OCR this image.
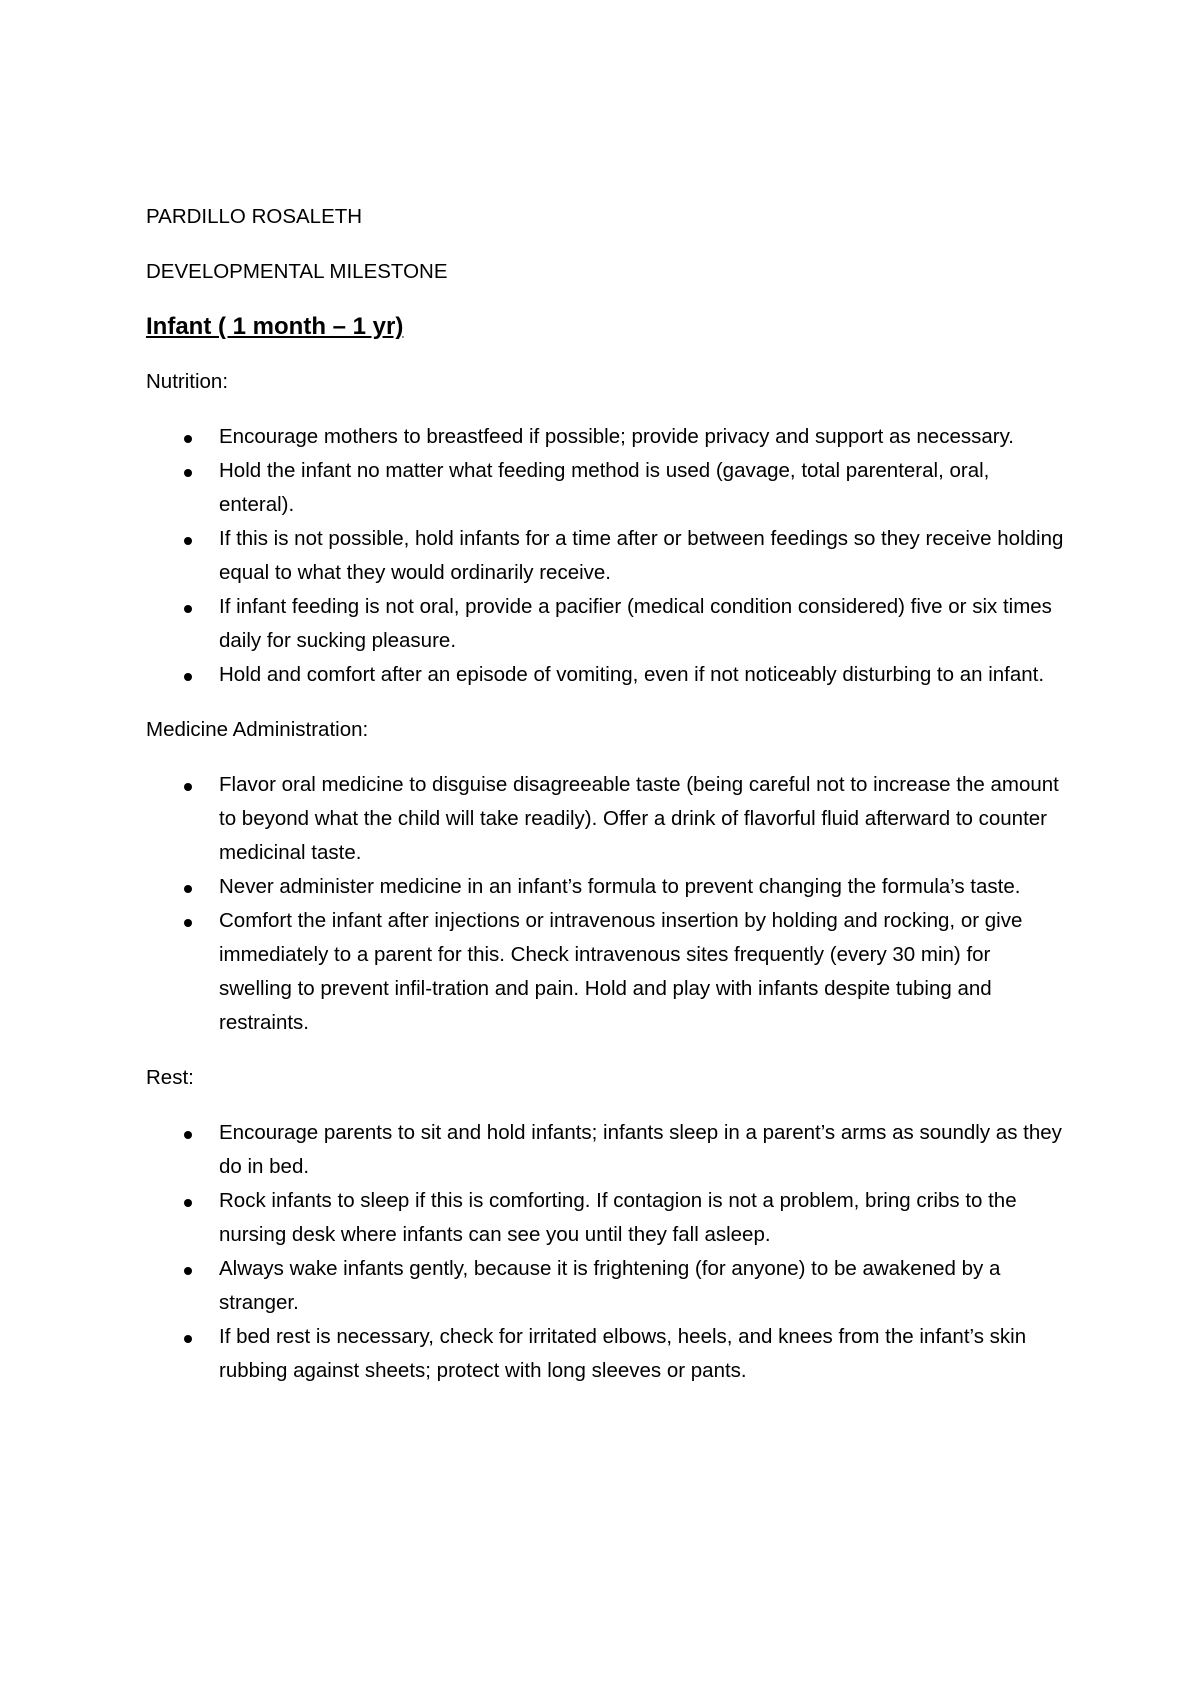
PARDILLO ROSALETH

DEVELOPMENTAL MILESTONE

Infant ( 1 month – 1 yr)

Nutrition:

Encourage mothers to breastfeed if possible; provide privacy and support as necessary.
Hold the infant no matter what feeding method is used (gavage, total parenteral, oral, enteral).
If this is not possible, hold infants for a time after or between feedings so they receive holding equal to what they would ordinarily receive.
If infant feeding is not oral, provide a pacifier (medical condition considered) five or six times daily for sucking pleasure.
Hold and comfort after an episode of vomiting, even if not noticeably disturbing to an infant.

Medicine Administration:

Flavor oral medicine to disguise disagreeable taste (being careful not to increase the amount to beyond what the child will take readily). Offer a drink of flavorful fluid afterward to counter medicinal taste.
Never administer medicine in an infant’s formula to prevent changing the formula’s taste.
Comfort the infant after injections or intravenous insertion by holding and rocking, or give immediately to a parent for this. Check intravenous sites frequently (every 30 min) for swelling to prevent infil-tration and pain. Hold and play with infants despite tubing and restraints.

Rest:

Encourage parents to sit and hold infants; infants sleep in a parent’s arms as soundly as they do in bed.
Rock infants to sleep if this is comforting. If contagion is not a problem, bring cribs to the nursing desk where infants can see you until they fall asleep.
Always wake infants gently, because it is frightening (for anyone) to be awakened by a stranger.
If bed rest is necessary, check for irritated elbows, heels, and knees from the infant’s skin rubbing against sheets; protect with long sleeves or pants.
